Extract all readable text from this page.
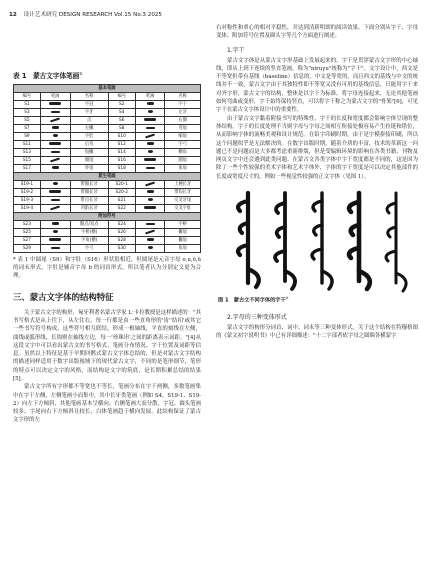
12 设计艺术研究 DESIGN RESEARCH Vol.15 No.3 2025
表 1　蒙古文字体笔画①
基本笔画					
编号	笔画	名称	编号	笔画	名称
S1		字冠	S2		字干
S3		字牙	S4		左牙
S5		点	S6		右圈
S7		左撇	S8		弯尾
S9		字肚	S10		缩尾
S11		后弯	S12		字弓
S13		短撇	S14		横角
S15		圈尾	S16		圈尾
S17		吓尾	S18		角尾
派生笔画					
S19-1		带圈长牙	S20-1		上翘长牙
S19-2		带圈长牙	S20-2		带钩长牙
S19-3		带点长牙	S21		交叉牙尾
S19-4		凹陷长牙	S22		交叉字肚
附加符号					
S23		圈点/双点	S24		字桥
S25		字桥(横)	S26		撇尾
S27		字角(横)	S28		撇尾
S29		字弓	S30		角尾

* 表 1 中圆尾（S9）和字肚（S16）形状很相近，但圆尾是元音字母 o,u,ö,ü 的词末形式，字肚是辅音字母 b 的词首形式，所以笔者认为分别定义更为合理。

三、蒙古文字体的结构特征

关于蒙古文字的构形，匈牙利著名蒙古学家 L·卡拉教授是这样描述的："其书写格式是从上往下，从左往右，每一行都是由一些直角形的'齿''结扣'或其它一些书写符号构成。这些符号相互联结，形成一根轴线，平直的刻线在左侧，曲线或弧形线、长钩则在轴线左边，每一'珍珠串'之间的距离表示词距。"[4]从这段文字中可以看出蒙古文的书写格式、笔画分布情况、字干位置及词距等信息。虽然以上特征是基于早期回鹘式蒙古文字体总结的，但是对蒙古文字结构的描述同样适用于数字出版视域下的现代蒙古文字，不同的是笔形细节，笔形的特点可以决定文字的风格，而结构是文字的筑底，是长期积累总结的结果[5]。

蒙古文字所有字形都不等宽也不等长，笔画分布在字干两侧，多数笔画集中在字干左侧，左侧笔画小而集中，其中长牙类笔画（例如 S4、S19-1、S19-2）向左下方倾斜，其他笔画基本呈横向；右侧笔画大而分散，字冠、圆头笔画较多，字尾向右下方倾斜且较长，白体笔画趋于横向发展。此结构保证了蒙古文字形的左

右对称性和重心的相对平稳性，并达到清新明朗的阅读效果。下面分别从字干、字母变体、附加符号位置及圈头字等几个方面进行阐述。

1.字干

蒙古文字体是从蒙古文字形基础上发展起来的，字干是贯穿蒙古文字形的中心轴线，即从上到下连续的竖直笔画，称为"niruγu"统称为"字干"。文字设计中，西文是不等宽但带有基线（baseline）信息的，中文是等宽的，而且西文的基线与中文的统线并不一致，蒙古文字由于其独特性即不等宽又没有可用的基线信息，只能用字干来对齐字形，蒙古文字的结构，整体是以字干为标准，将字母连接起来，无论其他笔画如何弯曲或变形，字干始终保持竖直，可以将字干称之为蒙古文字的"骨架"[6]，可见字干在蒙古文字体设计中的重要性。

由于蒙古文字黏着附接书写的特殊性，字干的长度和宽度都会影响字体呈现的整体结构。字干的长度处理不当则字母与字母之间相互衔接处极容易产生拉链和错位，从而影响字体的流畅美观和设计规范。在铅字印刷时期，由于是字模拼接印刷，所以这个问题似乎是无法解决的。在数字出版时期，随着介质的丰富，技术的革新这一问题已不是问题而是大多都考虑重新排版，但是受编辑环境的影响在各类书籍、刊物及网页文字中还会遇到此类问题。在蒙古文各类字体中字干宽度都是不同的，这是因为除了一些个性较强的美术字体和艺术字体外，字体的字干宽度是可以决定其他部件的长度或宽度尺寸的，例如一些视觉性较强的正文字体（见图 1）。

图 1　蒙古文不同字体的字干②
2.字母的三种变体形式

蒙古文字的构形分词首、词中、词末等三种变体形式。关于这个结构在特穆格图的《蒙文初字说明书》中已有详细描述："十二字部者依字母之圆圈各横蒙字
